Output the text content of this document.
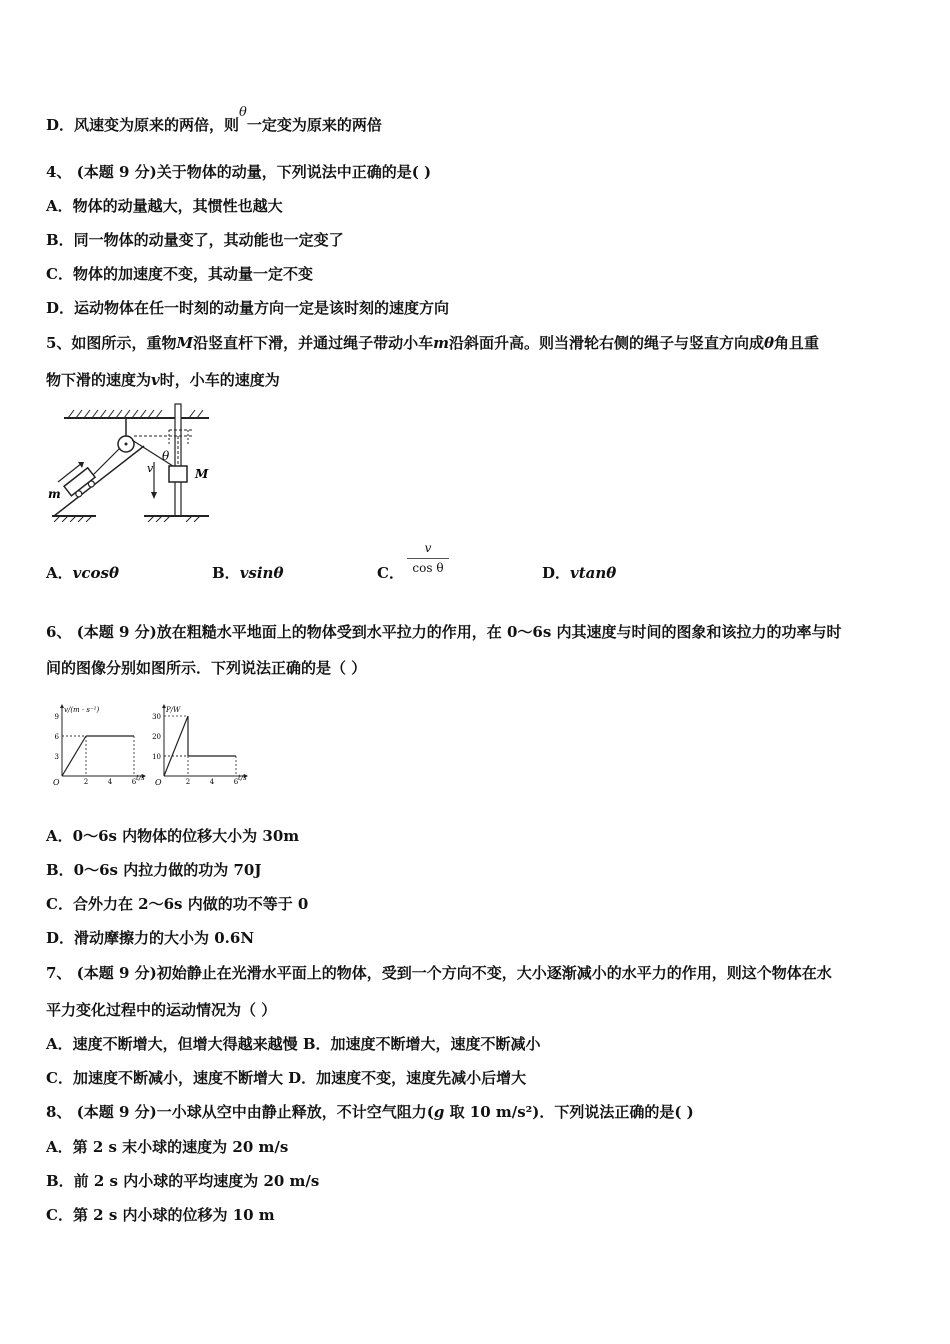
D．风速变为原来的两倍，则θ一定变为原来的两倍
4、 (本题 9 分)关于物体的动量，下列说法中正确的是( )
A．物体的动量越大，其惯性也越大
B．同一物体的动量变了，其动能也一定变了
C．物体的加速度不变，其动量一定不变
D．运动物体在任一时刻的动量方向一定是该时刻的速度方向
5、如图所示，重物M沿竖直杆下滑，并通过绳子带动小车m沿斜面升高。则当滑轮右侧的绳子与竖直方向成θ角且重
物下滑的速度为v时，小车的速度为
M
θ
v
m
A．vcosθ	B．vsinθ	C．
v
cos θ	D．vtanθ
6、 (本题 9 分)放在粗糙水平地面上的物体受到水平拉力的作用，在 0～6s 内其速度与时间的图象和该拉力的功率与时
间的图像分别如图所示．下列说法正确的是（ ）
v/(m · s⁻¹)
t/s
O
9
6
3
2	4	6
P/W
t/s
O
30
20
10
2	4	6
A．0～6s 内物体的位移大小为 30m
B．0～6s 内拉力做的功为 70J
C．合外力在 2～6s 内做的功不等于 0
D．滑动摩擦力的大小为 0.6N
7、 (本题 9 分)初始静止在光滑水平面上的物体，受到一个方向不变，大小逐渐减小的水平力的作用，则这个物体在水
平力变化过程中的运动情况为（ ）
A．速度不断增大，但增大得越来越慢 B．加速度不断增大，速度不断减小
C．加速度不断减小，速度不断增大 D．加速度不变，速度先减小后增大
8、 (本题 9 分)一小球从空中由静止释放，不计空气阻力(g 取 10 m/s²)．下列说法正确的是( )
A．第 2 s 末小球的速度为 20 m/s
B．前 2 s 内小球的平均速度为 20 m/s
C．第 2 s 内小球的位移为 10 m
